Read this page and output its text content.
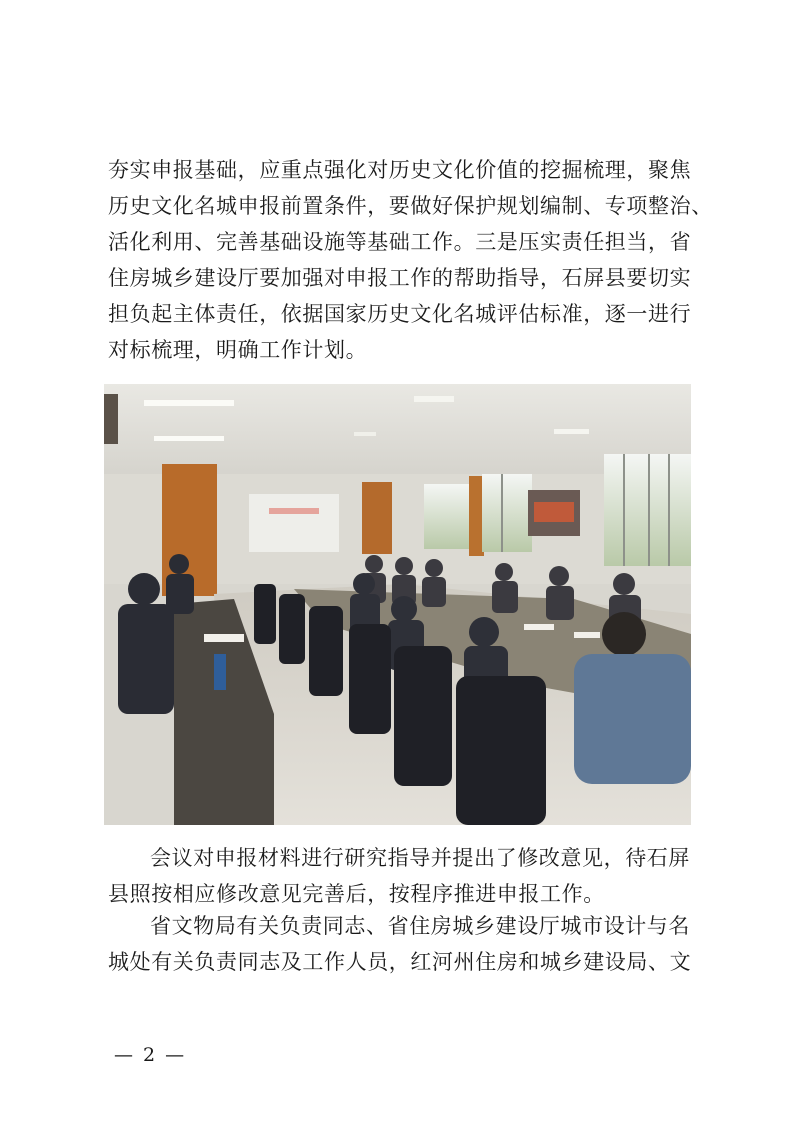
夯实申报基础，应重点强化对历史文化价值的挖掘梳理，聚焦
历史文化名城申报前置条件，要做好保护规划编制、专项整治、
活化利用、完善基础设施等基础工作。三是压实责任担当，省
住房城乡建设厅要加强对申报工作的帮助指导，石屏县要切实
担负起主体责任，依据国家历史文化名城评估标准，逐一进行
对标梳理，明确工作计划。

会议对申报材料进行研究指导并提出了修改意见，待石屏
县照按相应修改意见完善后，按程序推进申报工作。

省文物局有关负责同志、省住房城乡建设厅城市设计与名
城处有关负责同志及工作人员，红河州住房和城乡建设局、文

— 2 —
